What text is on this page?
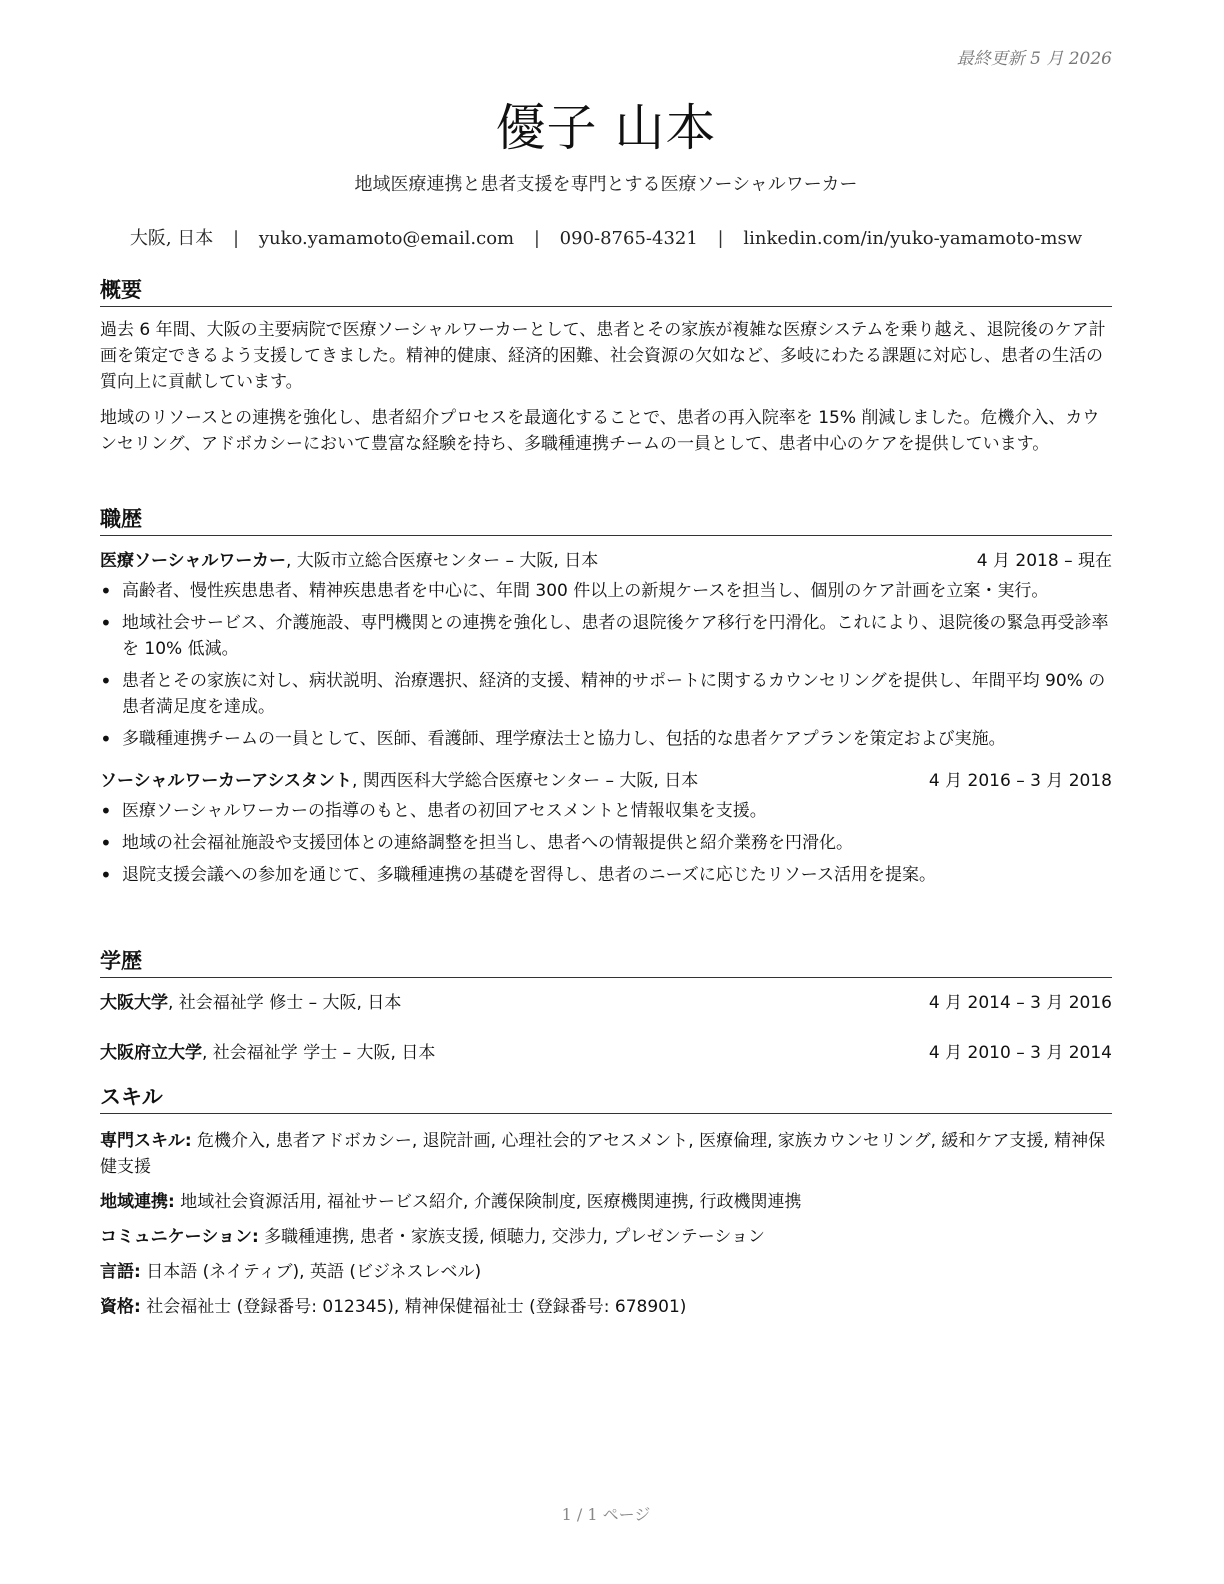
最終更新 5 月 2026
優子 山本
地域医療連携と患者支援を専門とする医療ソーシャルワーカー
大阪, 日本 | yuko.yamamoto@email.com | 090-8765-4321 | linkedin.com/in/yuko-yamamoto-msw
概要

過去 6 年間、大阪の主要病院で医療ソーシャルワーカーとして、患者とその家族が複雑な医療システムを乗り越え、退院後のケア計画を策定できるよう支援してきました。精神的健康、経済的困難、社会資源の欠如など、多岐にわたる課題に対応し、患者の生活の質向上に貢献しています。

地域のリソースとの連携を強化し、患者紹介プロセスを最適化することで、患者の再入院率を 15% 削減しました。危機介入、カウンセリング、アドボカシーにおいて豊富な経験を持ち、多職種連携チームの一員として、患者中心のケアを提供しています。

職歴
医療ソーシャルワーカー, 大阪市立総合医療センター – 大阪, 日本	4 月 2018 – 現在
• 高齢者、慢性疾患患者、精神疾患患者を中心に、年間 300 件以上の新規ケースを担当し、個別のケア計画を立案・実行。
• 地域社会サービス、介護施設、専門機関との連携を強化し、患者の退院後ケア移行を円滑化。これにより、退院後の緊急再受診率を 10% 低減。
• 患者とその家族に対し、病状説明、治療選択、経済的支援、精神的サポートに関するカウンセリングを提供し、年間平均 90% の患者満足度を達成。
• 多職種連携チームの一員として、医師、看護師、理学療法士と協力し、包括的な患者ケアプランを策定および実施。
ソーシャルワーカーアシスタント, 関西医科大学総合医療センター – 大阪, 日本	4 月 2016 – 3 月 2018
• 医療ソーシャルワーカーの指導のもと、患者の初回アセスメントと情報収集を支援。
• 地域の社会福祉施設や支援団体との連絡調整を担当し、患者への情報提供と紹介業務を円滑化。
• 退院支援会議への参加を通じて、多職種連携の基礎を習得し、患者のニーズに応じたリソース活用を提案。
学歴
大阪大学, 社会福祉学 修士 – 大阪, 日本	4 月 2014 – 3 月 2016
大阪府立大学, 社会福祉学 学士 – 大阪, 日本	4 月 2010 – 3 月 2014
スキル

専門スキル: 危機介入, 患者アドボカシー, 退院計画, 心理社会的アセスメント, 医療倫理, 家族カウンセリング, 緩和ケア支援, 精神保健支援

地域連携: 地域社会資源活用, 福祉サービス紹介, 介護保険制度, 医療機関連携, 行政機関連携

コミュニケーション: 多職種連携, 患者・家族支援, 傾聴力, 交渉力, プレゼンテーション

言語: 日本語 (ネイティブ), 英語 (ビジネスレベル)

資格: 社会福祉士 (登録番号: 012345), 精神保健福祉士 (登録番号: 678901)

1 / 1 ページ
